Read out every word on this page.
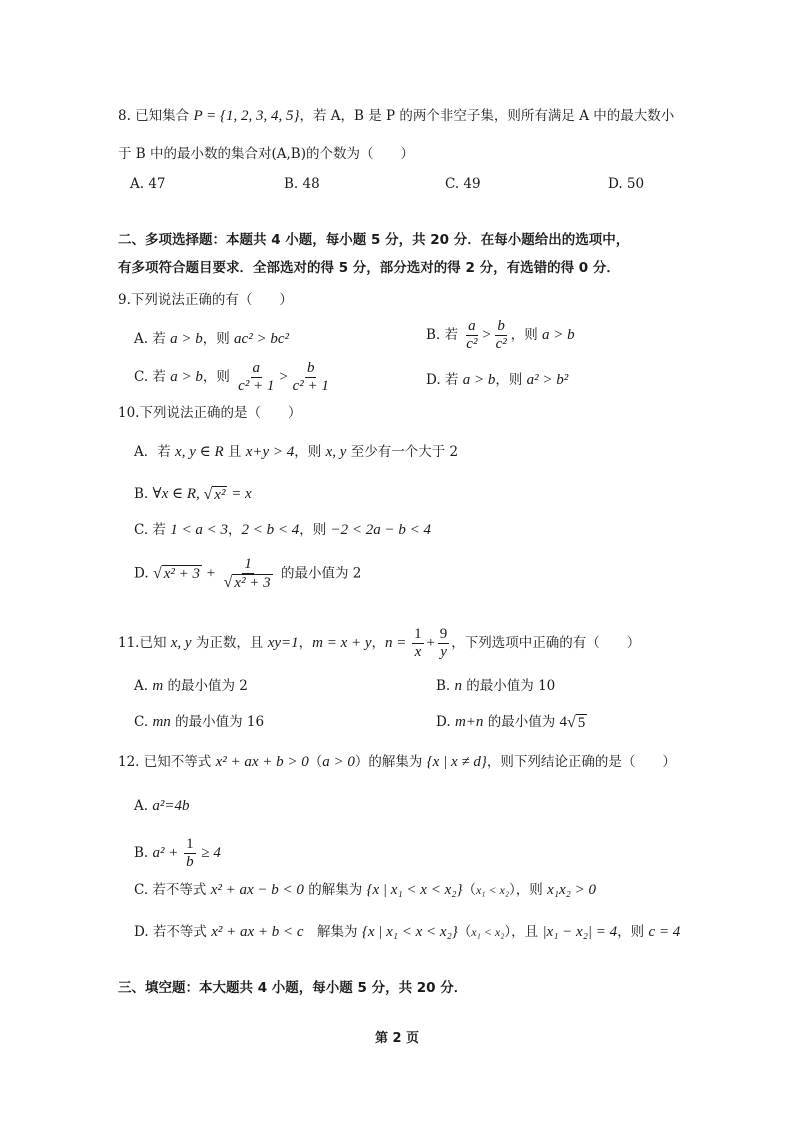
8. 已知集合 P = {1, 2, 3, 4, 5}，若 A，B 是 P 的两个非空子集，则所有满足 A 中的最大数小
于 B 中的最小数的集合对(A,B)的个数为（　　）
A. 47	B. 48	C. 49	D. 50
二、多项选择题：本题共 4 小题，每小题 5 分，共 20 分．在每小题给出的选项中，
有多项符合题目要求．全部选对的得 5 分，部分选对的得 2 分，有选错的得 0 分．
9.下列说法正确的有（　　）
A. 若 a > b，则 ac² > bc²	B. 若 $\frac{a}{\text{c²}} > \frac{b}{\text{c²}}$ ，则 a > b
C. 若 a > b，则 $\frac{a}{\text{c² + 1}} > \frac{b}{\text{c² + 1}}$	D. 若 a > b，则 a² > b²
10.下列说法正确的是（　　）
A．若 x, y ∈ R 且 x+y > 4，则 x, y 至少有一个大于 2
B. ∀x ∈ R, √ x² = x
C. 若 1 < a < 3，2 < b < 4，则 −2 < 2a − b < 4
D. √ $x^2 + 3 + \frac{1}{\text{√ x² + 3}}$ 的最小值为 2
11.已知 x, y 为正数，且 xy=1，m = x + y，$n = \frac{1}{x} + \frac{9}{y}$ ，下列选项中正确的有（　　）
A. m 的最小值为 2	B. n 的最小值为 10
C. mn 的最小值为 16	D. m+n 的最小值为 4√ 5
12. 已知不等式 x² + ax + b > 0（a > 0）的解集为 {x | x ≠ d}，则下列结论正确的是（　　）
A. a²=4b
B. $a^2 + \frac{1}{b} \ge 4$
C. 若不等式 x² + ax − b < 0 的解集为 {x | x₁ < x < x₂}（x₁ < x₂），则 x₁x₂ > 0
D. 若不等式 x² + ax + b < c　解集为 {x | x₁ < x < x₂}（x₁ < x₂），且 |x₁ − x₂| = 4，则 c = 4
三、填空题：本大题共 4 小题，每小题 5 分，共 20 分．
第 2 页
